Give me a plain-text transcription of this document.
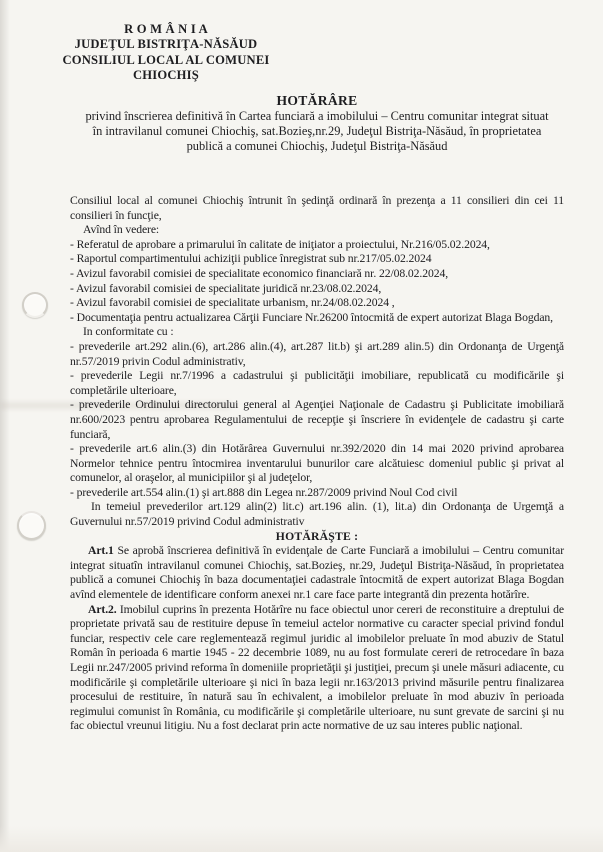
R O M Â N I A
JUDEŢUL BISTRIŢA-NĂSĂUD
CONSILIUL LOCAL AL COMUNEI
CHIOCHIŞ
HOTĂRÂRE
privind înscrierea definitivă în Cartea funciară a imobilului – Centru comunitar integrat situat
în intravilanul comunei Chiochiş, sat.Bozieş,nr.29, Judeţul Bistriţa-Năsăud, în proprietatea
publică a comunei Chiochiş, Judeţul Bistriţa-Năsăud

Consiliul local al comunei Chiochiş întrunit în şedinţă ordinară în prezenţa a 11 consilieri din cei 11 consilieri în funcţie,

Avînd în vedere:

- Referatul de aprobare a primarului în calitate de iniţiator a proiectului, Nr.216/05.02.2024,

- Raportul compartimentului achiziţii publice înregistrat sub nr.217/05.02.2024

- Avizul favorabil comisiei de specialitate economico financiară nr. 22/08.02.2024,

- Avizul favorabil comisiei de specialitate juridică nr.23/08.02.2024,

- Avizul favorabil comisiei de specialitate urbanism, nr.24/08.02.2024 ,

- Documentaţia pentru actualizarea Cărţii Funciare Nr.26200 întocmită de expert autorizat Blaga Bogdan,

In conformitate cu :

- prevederile art.292 alin.(6), art.286 alin.(4), art.287 lit.b) şi art.289 alin.5) din Ordonanţa de Urgenţă nr.57/2019 privin Codul administrativ,

- prevederile Legii nr.7/1996 a cadastrului şi publicităţii imobiliare, republicată cu modificările şi completările ulterioare,

- prevederile Ordinului directorului general al Agenţiei Naţionale de Cadastru şi Publicitate imobiliară nr.600/2023 pentru aprobarea Regulamentului de recepţie şi înscriere în evidenţele de cadastru şi carte funciară,

- prevederile art.6 alin.(3) din Hotărârea Guvernului nr.392/2020 din 14 mai 2020 privind aprobarea Normelor tehnice pentru întocmirea inventarului bunurilor care alcătuiesc domeniul public şi privat al comunelor, al oraşelor, al municipiilor şi al judeţelor,

- prevederile art.554 alin.(1) şi art.888 din Legea nr.287/2009 privind Noul Cod civil

In temeiul prevederilor art.129 alin(2) lit.c) art.196 alin. (1), lit.a) din Ordonanţa de Urgemţă a Guvernului nr.57/2019 privind Codul administrativ

HOTĂRĂŞTE :

Art.1 Se aprobă înscrierea definitivă în evidenţale de Carte Funciară a imobilului – Centru comunitar integrat situatîn intravilanul comunei Chiochiş, sat.Bozieş, nr.29, Judeţul Bistriţa-Năsăud, în proprietatea publică a comunei Chiochiş în baza documentaţiei cadastrale întocmită de expert autorizat Blaga Bogdan avînd elementele de identificare conform anexei nr.1 care face parte integrantă din prezenta hotărîre.

Art.2. Imobilul cuprins în prezenta Hotărîre nu face obiectul unor cereri de reconstituire a dreptului de proprietate privată sau de restituire depuse în temeiul actelor normative cu caracter special privind fondul funciar, respectiv cele care reglementează regimul juridic al imobilelor preluate în mod abuziv de Statul Român în perioada 6 martie 1945 - 22 decembrie 1089, nu au fost formulate cereri de retrocedare în baza Legii nr.247/2005 privind reforma în domeniile proprietăţii şi justiţiei, precum şi unele măsuri adiacente, cu modificările şi completările ulterioare şi nici în baza legii nr.163/2013 privind măsurile pentru finalizarea procesului de restituire, în natură sau în echivalent, a imobilelor preluate în mod abuziv în perioada regimului comunist în România, cu modificările şi completările ulterioare, nu sunt grevate de sarcini şi nu fac obiectul vreunui litigiu. Nu a fost declarat prin acte normative de uz sau interes public naţional.
